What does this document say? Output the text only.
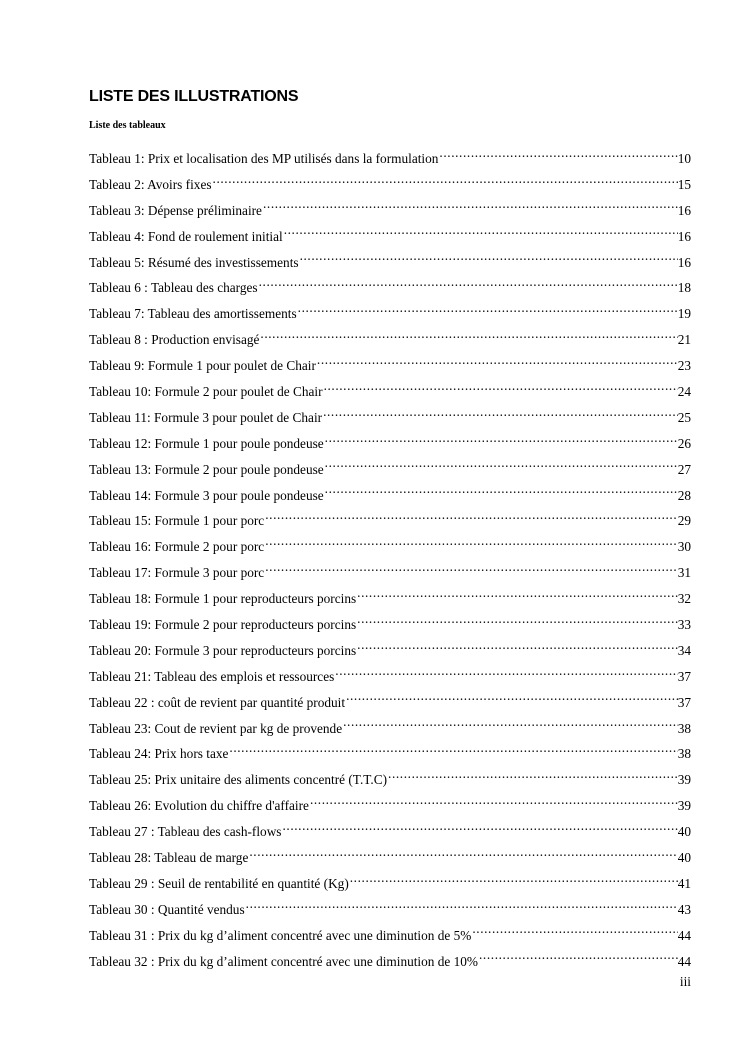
LISTE DES ILLUSTRATIONS
Liste des tableaux
Tableau 1: Prix et localisation des MP utilisés dans la formulation .....	10
Tableau 2: Avoirs fixes .....	15
Tableau 3: Dépense préliminaire .....	16
Tableau 4: Fond de roulement initial .....	16
Tableau 5: Résumé des investissements .....	16
Tableau 6 : Tableau des charges .....	18
Tableau 7: Tableau des amortissements .....	19
Tableau 8 : Production envisagé .....	21
Tableau 9: Formule 1 pour poulet de Chair .....	23
Tableau 10: Formule 2 pour poulet de Chair .....	24
Tableau 11: Formule 3 pour poulet de Chair .....	25
Tableau 12: Formule 1 pour poule pondeuse .....	26
Tableau 13: Formule 2 pour poule pondeuse .....	27
Tableau 14: Formule 3 pour poule pondeuse .....	28
Tableau 15: Formule 1 pour porc .....	29
Tableau 16: Formule 2 pour porc .....	30
Tableau 17: Formule 3 pour porc .....	31
Tableau 18: Formule 1 pour reproducteurs porcins .....	32
Tableau 19: Formule 2 pour reproducteurs porcins .....	33
Tableau 20: Formule 3 pour reproducteurs porcins .....	34
Tableau 21: Tableau des emplois et ressources .....	37
Tableau 22 : coût de revient par quantité produit .....	37
Tableau 23: Cout de revient par kg de provende .....	38
Tableau 24: Prix hors taxe .....	38
Tableau 25: Prix unitaire des aliments concentré (T.T.C) .....	39
Tableau 26: Evolution du chiffre d'affaire .....	39
Tableau 27 : Tableau des cash-flows .....	40
Tableau 28: Tableau de marge .....	40
Tableau 29 : Seuil de rentabilité en quantité (Kg) .....	41
Tableau 30 : Quantité vendus .....	43
Tableau 31 : Prix du kg d’aliment concentré avec une diminution de 5% .....	44
Tableau 32 : Prix du kg d’aliment concentré avec une diminution de 10% .....	44
iii
